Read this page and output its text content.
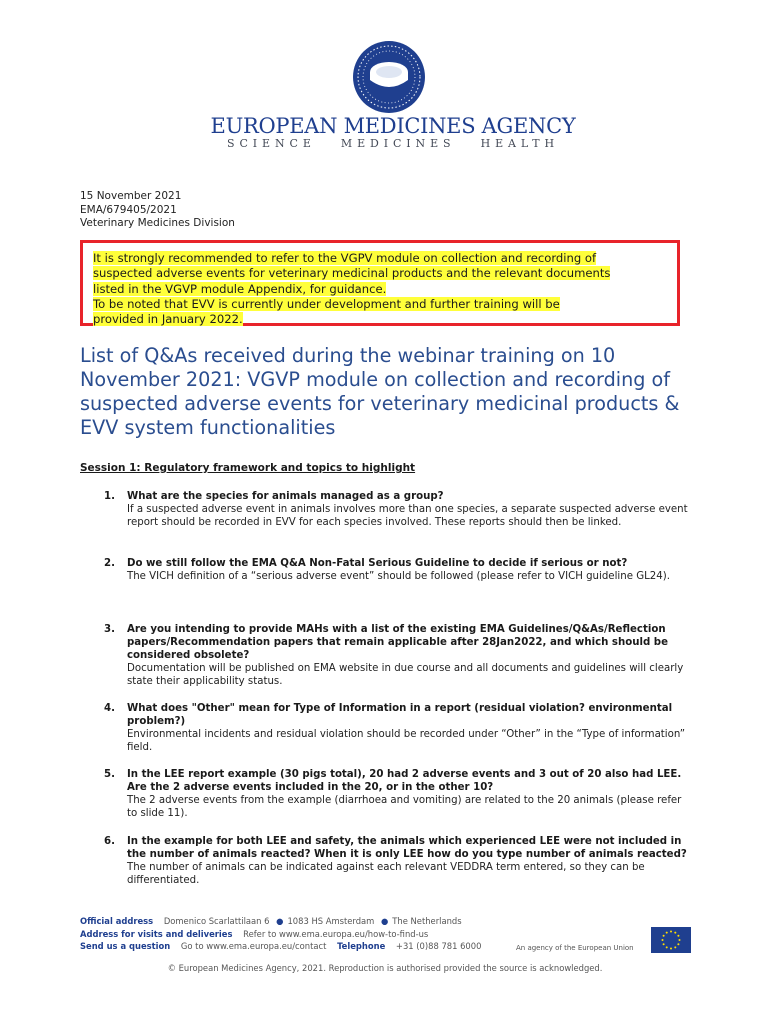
EUROPEAN MEDICINES AGENCY
SCIENCE   MEDICINES   HEALTH
15 November 2021
EMA/679405/2021
Veterinary Medicines Division
It is strongly recommended to refer to the VGPV module on collection and recording of
suspected adverse events for veterinary medicinal products and the relevant documents
listed in the VGVP module Appendix, for guidance.
To be noted that EVV is currently under development and further training will be
provided in January 2022.
List of Q&As received during the webinar training on 10 November 2021: VGVP module on collection and recording of suspected adverse events for veterinary medicinal products & EVV system functionalities
Session 1: Regulatory framework and topics to highlight
1. What are the species for animals managed as a group?
If a suspected adverse event in animals involves more than one species, a separate suspected adverse event report should be recorded in EVV for each species involved. These reports should then be linked.
2. Do we still follow the EMA Q&A Non-Fatal Serious Guideline to decide if serious or not?
The VICH definition of a “serious adverse event” should be followed (please refer to VICH guideline GL24).
3. Are you intending to provide MAHs with a list of the existing EMA Guidelines/Q&As/Reflection papers/Recommendation papers that remain applicable after 28Jan2022, and which should be considered obsolete?
Documentation will be published on EMA website in due course and all documents and guidelines will clearly state their applicability status.
4. What does "Other" mean for Type of Information in a report (residual violation? environmental problem?)
Environmental incidents and residual violation should be recorded under “Other” in the “Type of information” field.
5. In the LEE report example (30 pigs total), 20 had 2 adverse events and 3 out of 20 also had LEE. Are the 2 adverse events included in the 20, or in the other 10?
The 2 adverse events from the example (diarrhoea and vomiting) are related to the 20 animals (please refer to slide 11).
6. In the example for both LEE and safety, the animals which experienced LEE were not included in the number of animals reacted? When it is only LEE how do you type number of animals reacted?
The number of animals can be indicated against each relevant VEDDRA term entered, so they can be differentiated.
Official address Domenico Scarlattilaan 6 ● 1083 HS Amsterdam ● The Netherlands
Address for visits and deliveries Refer to www.ema.europa.eu/how-to-find-us
Send us a question Go to www.ema.europa.eu/contact Telephone +31 (0)88 781 6000	An agency of the European Union
© European Medicines Agency, 2021. Reproduction is authorised provided the source is acknowledged.
